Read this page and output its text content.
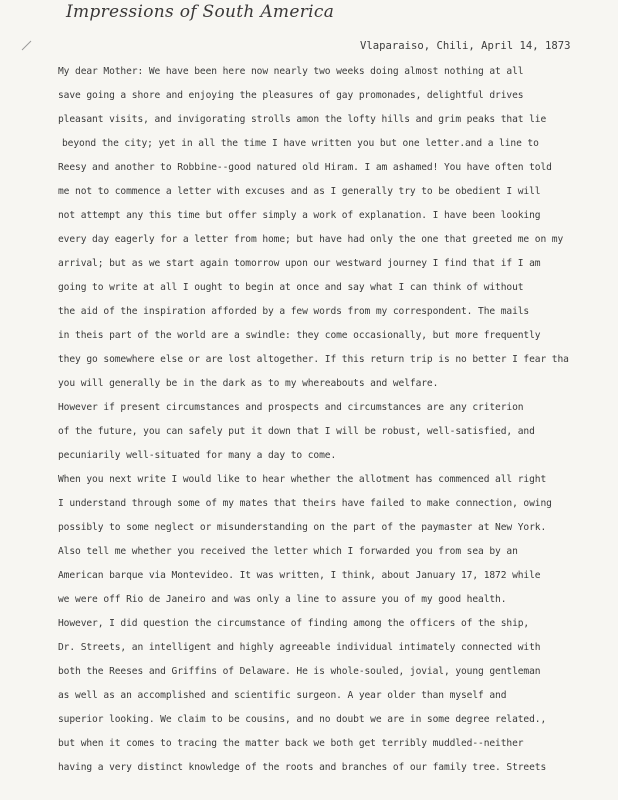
Impressions of South America
Vlaparaiso, Chili, April 14, 1873
My dear Mother: We have been here now nearly two weeks doing almost nothing at all
save going a shore and enjoying the pleasures of gay promonades, delightful drives
pleasant visits, and invigorating strolls amon the lofty hills and grim peaks that lie
beyond the city; yet in all the time I have written you but one letter.and a line to
Reesy and another to Robbine--good natured old Hiram. I am ashamed! You have often told
me not to commence a letter with excuses and as I generally try to be obedient I will
not attempt any this time but offer simply a work of explanation. I have been looking
every day eagerly for a letter from home; but have had only the one that greeted me on my
arrival; but as we start again tomorrow upon our westward journey I find that if I am
going to write at all I ought to begin at once and say what I can think of without
the aid of the inspiration afforded by a few words from my correspondent. The mails
in theis part of the world are a swindle: they come occasionally, but more frequently
they go somewhere else or are lost altogether. If this return trip is no better I fear tha
you will generally be in the dark as to my whereabouts and welfare.
However if present circumstances and prospects and circumstances are any criterion
of the future, you can safely put it down that I will be robust, well-satisfied, and
pecuniarily well-situated for many a day to come.
When you next write I would like to hear whether the allotment has commenced all right
I understand through some of my mates that theirs have failed to make connection, owing
possibly to some neglect or misunderstanding on the part of the paymaster at New York.
Also tell me whether you received the letter which I forwarded you from sea by an
American barque via Montevideo. It was written, I think, about January 17, 1872 while
we were off Rio de Janeiro and was only a line to assure you of my good health.
However, I did question the circumstance of finding among the officers of the ship,
Dr. Streets, an intelligent and highly agreeable individual intimately connected with
both the Reeses and Griffins of Delaware. He is whole-souled, jovial, young gentleman
as well as an accomplished and scientific surgeon. A year older than myself and
superior looking. We claim to be cousins, and no doubt we are in some degree related.,
but when it comes to tracing the matter back we both get terribly muddled--neither
having a very distinct knowledge of the roots and branches of our family tree. Streets
